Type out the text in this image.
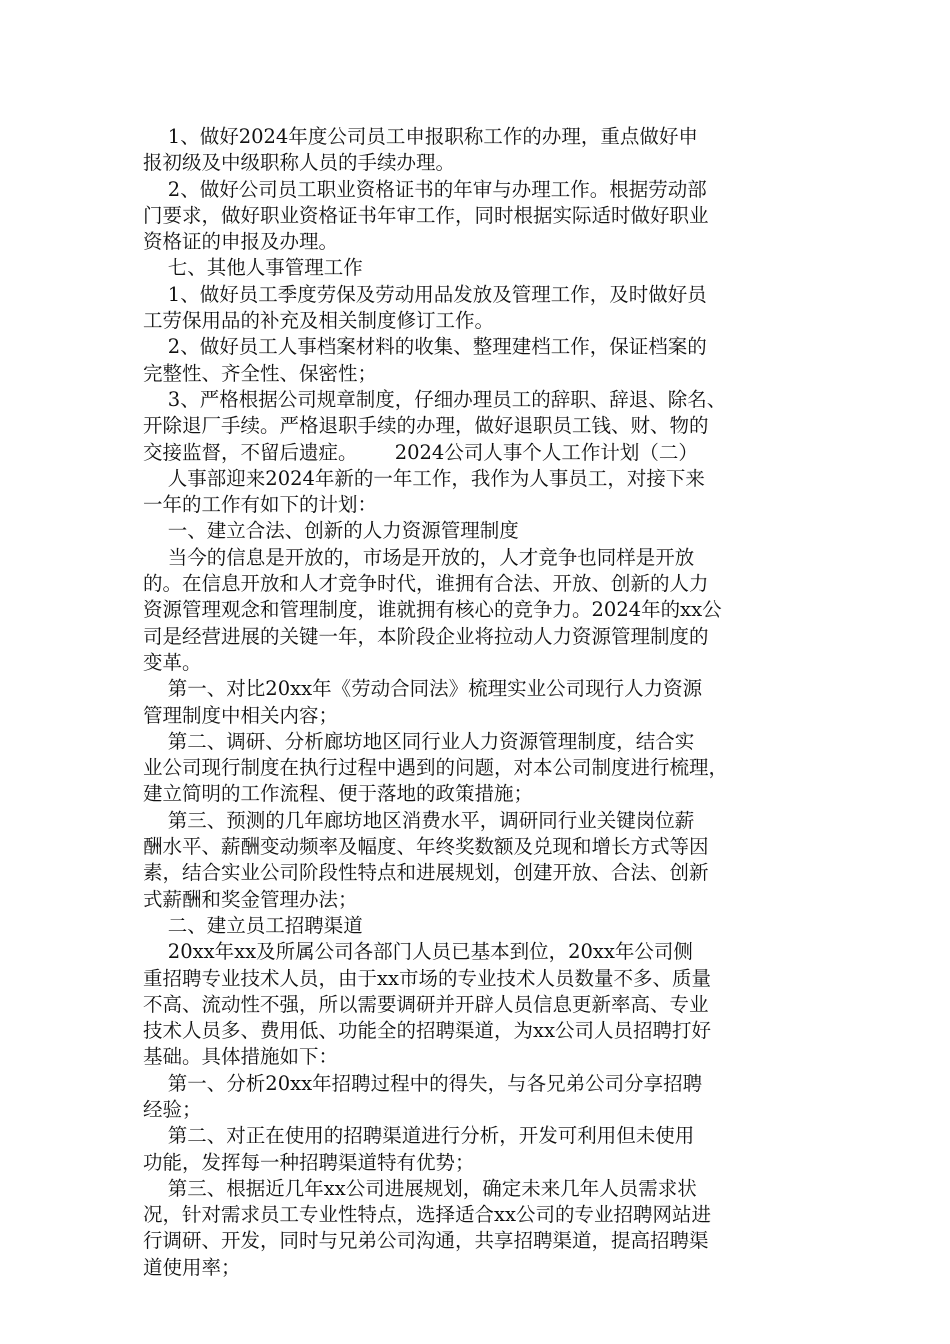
1、做好2024年度公司员工申报职称工作的办理，重点做好申
报初级及中级职称人员的手续办理。
2、做好公司员工职业资格证书的年审与办理工作。根据劳动部
门要求，做好职业资格证书年审工作，同时根据实际适时做好职业
资格证的申报及办理。
七、其他人事管理工作
1、做好员工季度劳保及劳动用品发放及管理工作，及时做好员
工劳保用品的补充及相关制度修订工作。
2、做好员工人事档案材料的收集、整理建档工作，保证档案的
完整性、齐全性、保密性；
3、严格根据公司规章制度，仔细办理员工的辞职、辞退、除名、
开除退厂手续。严格退职手续的办理，做好退职员工钱、财、物的
交接监督，不留后遗症。      2024公司人事个人工作计划（二）
人事部迎来2024年新的一年工作，我作为人事员工，对接下来
一年的工作有如下的计划：
一、建立合法、创新的人力资源管理制度
当今的信息是开放的，市场是开放的，人才竞争也同样是开放
的。在信息开放和人才竞争时代，谁拥有合法、开放、创新的人力
资源管理观念和管理制度，谁就拥有核心的竞争力。2024年的xx公
司是经营进展的关键一年，本阶段企业将拉动人力资源管理制度的
变革。
第一、对比20xx年《劳动合同法》梳理实业公司现行人力资源
管理制度中相关内容；
第二、调研、分析廊坊地区同行业人力资源管理制度，结合实
业公司现行制度在执行过程中遇到的问题，对本公司制度进行梳理，
建立简明的工作流程、便于落地的政策措施；
第三、预测的几年廊坊地区消费水平，调研同行业关键岗位薪
酬水平、薪酬变动频率及幅度、年终奖数额及兑现和增长方式等因
素，结合实业公司阶段性特点和进展规划，创建开放、合法、创新
式薪酬和奖金管理办法；
二、建立员工招聘渠道
20xx年xx及所属公司各部门人员已基本到位，20xx年公司侧
重招聘专业技术人员，由于xx市场的专业技术人员数量不多、质量
不高、流动性不强，所以需要调研并开辟人员信息更新率高、专业
技术人员多、费用低、功能全的招聘渠道，为xx公司人员招聘打好
基础。具体措施如下：
第一、分析20xx年招聘过程中的得失，与各兄弟公司分享招聘
经验；
第二、对正在使用的招聘渠道进行分析，开发可利用但未使用
功能，发挥每一种招聘渠道特有优势；
第三、根据近几年xx公司进展规划，确定未来几年人员需求状
况，针对需求员工专业性特点，选择适合xx公司的专业招聘网站进
行调研、开发，同时与兄弟公司沟通，共享招聘渠道，提高招聘渠
道使用率；
